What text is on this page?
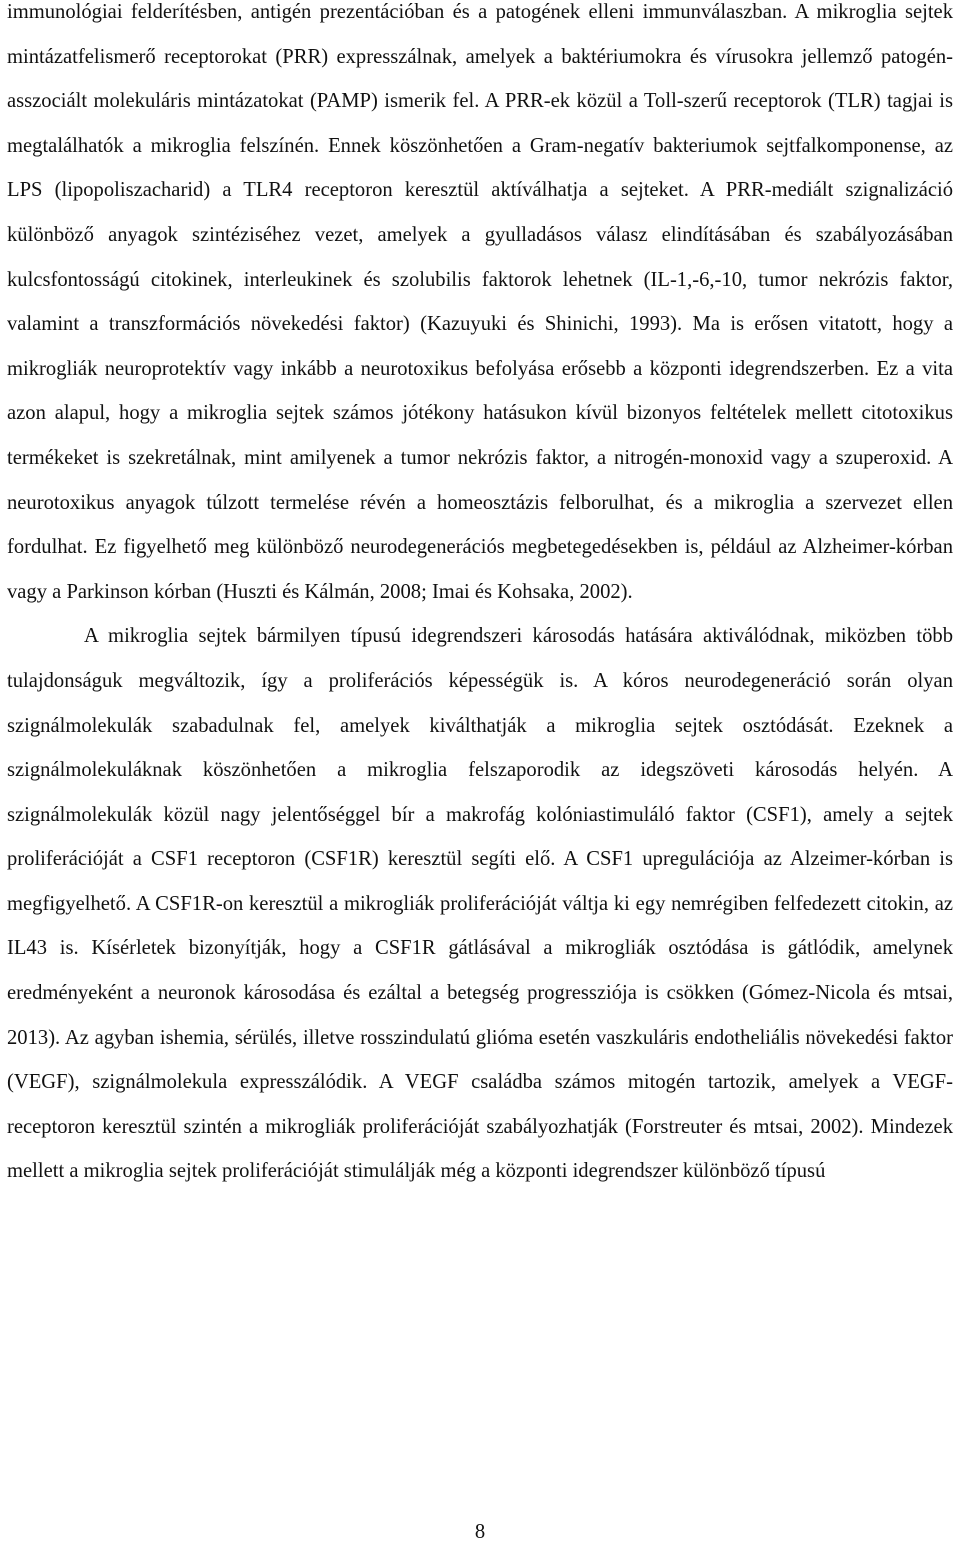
immunológiai felderítésben, antigén prezentációban és a patogének elleni immunválaszban. A mikroglia sejtek mintázatfelismerő receptorokat (PRR) expresszálnak, amelyek a baktériumokra és vírusokra jellemző patogén-asszociált molekuláris mintázatokat (PAMP) ismerik fel. A PRR-ek közül a Toll-szerű receptorok (TLR) tagjai is megtalálhatók a mikroglia felszínén. Ennek köszönhetően a Gram-negatív bakteriumok sejtfalkomponense, az LPS (lipopoliszacharid) a TLR4 receptoron keresztül aktíválhatja a sejteket. A PRR-mediált szignalizáció különböző anyagok szintéziséhez vezet, amelyek a gyulladásos válasz elindításában és szabályozásában kulcsfontosságú citokinek, interleukinek és szolubilis faktorok lehetnek (IL-1,-6,-10, tumor nekrózis faktor, valamint a transzformációs növekedési faktor) (Kazuyuki és Shinichi, 1993). Ma is erősen vitatott, hogy a mikrogliák neuroprotektív vagy inkább a neurotoxikus befolyása erősebb a központi idegrendszerben. Ez a vita azon alapul, hogy a mikroglia sejtek számos jótékony hatásukon kívül bizonyos feltételek mellett citotoxikus termékeket is szekretálnak, mint amilyenek a tumor nekrózis faktor, a nitrogén-monoxid vagy a szuperoxid. A neurotoxikus anyagok túlzott termelése révén a homeosztázis felborulhat, és a mikroglia a szervezet ellen fordulhat. Ez figyelhető meg különböző neurodegenerációs megbetegedésekben is, például az Alzheimer-kórban vagy a Parkinson kórban (Huszti és Kálmán, 2008; Imai és Kohsaka, 2002).

A mikroglia sejtek bármilyen típusú idegrendszeri károsodás hatására aktiválódnak, miközben több tulajdonságuk megváltozik, így a proliferációs képességük is. A kóros neurodegeneráció során olyan szignálmolekulák szabadulnak fel, amelyek kiválthatják a mikroglia sejtek osztódását. Ezeknek a szignálmolekuláknak köszönhetően a mikroglia felszaporodik az idegszöveti károsodás helyén. A szignálmolekulák közül nagy jelentőséggel bír a makrofág kolóniastimuláló faktor (CSF1), amely a sejtek proliferációját a CSF1 receptoron (CSF1R) keresztül segíti elő. A CSF1 upregulációja az Alzeimer-kórban is megfigyelhető. A CSF1R-on keresztül a mikrogliák proliferációját váltja ki egy nemrégiben felfedezett citokin, az IL43 is. Kísérletek bizonyítják, hogy a CSF1R gátlásával a mikrogliák osztódása is gátlódik, amelynek eredményeként a neuronok károsodása és ezáltal a betegség progressziója is csökken (Gómez-Nicola és mtsai, 2013). Az agyban ishemia, sérülés, illetve rosszindulatú glióma esetén vaszkuláris endotheliális növekedési faktor (VEGF), szignálmolekula expresszálódik. A VEGF családba számos mitogén tartozik, amelyek a VEGF-receptoron keresztül szintén a mikrogliák proliferációját szabályozhatják (Forstreuter és mtsai, 2002). Mindezek mellett a mikroglia sejtek proliferációját stimulálják még a központi idegrendszer különböző típusú

8
